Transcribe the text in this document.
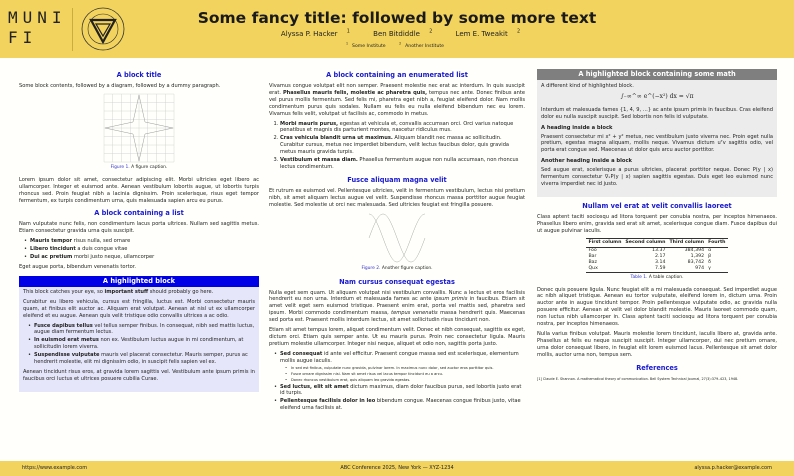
MUNI
FI
Some fancy title: followed by some more text
Alyssa P. Hacker $^1$	Ben Bitdiddle $^2$	Lem E. Tweakit $^2$
$^1$Some Institute $^2$Another Institute
A block title

Some block contents, followed by a diagram, followed by a dummy paragraph.

Figure 1. A figure caption.

Lorem ipsum dolor sit amet, consectetur adipiscing elit. Morbi ultricies eget libero ac ullamcorper. Integer et euismod ante. Aenean vestibulum lobortis augue, ut lobortis turpis rhoncus sed. Proin feugiat nibh a lacinia dignissim. Proin scelerisque, risus eget tempor fermentum, ex turpis condimentum urna, quis malesuada sapien arcu eu purus.

A block containing a list

Nam vulputate nunc felis, non condimentum lacus porta ultrices. Nullam sed sagittis metus. Etiam consectetur gravida urna quis suscipit.

• Mauris tempor risus nulla, sed ornare
• Libero tincidunt a duis congue vitae
• Dui ac pretium morbi justo neque, ullamcorper

Eget augue porta, bibendum venenatis tortor.

A highlighted block

This block catches your eye, so important stuff should probably go here.

Curabitur eu libero vehicula, cursus est fringilla, luctus est. Morbi consectetur mauris quam, at finibus elit auctor ac. Aliquam erat volutpat. Aenean at nisl ut ex ullamcorper eleifend et eu augue. Aenean quis velit tristique odio convallis ultrices a ac odio.

• Fusce dapibus tellus vel tellus semper finibus. In consequat, nibh sed mattis luctus, augue diam fermentum lectus.
• In euismod erat metus non ex. Vestibulum luctus augue in mi condimentum, at sollicitudin lorem viverra.
• Suspendisse vulputate mauris vel placerat consectetur. Mauris semper, purus ac hendrerit molestie, elit mi dignissim odio, in suscipit felis sapien vel ex.

Aenean tincidunt risus eros, at gravida lorem sagittis vel. Vestibulum ante ipsum primis in faucibus orci luctus et ultrices posuere cubilia Curae.

A block containing an enumerated list

Vivamus congue volutpat elit non semper. Praesent molestie nec erat ac interdum. In quis suscipit erat. Phasellus mauris felis, molestie ac pharetra quis, tempus nec ante. Donec finibus ante vel purus mollis fermentum. Sed felis mi, pharetra eget nibh a, feugiat eleifend dolor. Nam mollis condimentum purus quis sodales. Nullam eu felis eu nulla eleifend bibendum nec eu lorem. Vivamus felis velit, volutpat ut facilisis ac, commodo in metus.

1. Morbi mauris purus, egestas at vehicula et, convallis accumsan orci. Orci varius natoque penatibus et magnis dis parturient montes, nascetur ridiculus mus.
2. Cras vehicula blandit urna ut maximus. Aliquam blandit nec massa ac sollicitudin. Curabitur cursus, metus nec imperdiet bibendum, velit lectus faucibus dolor, quis gravida metus mauris gravida turpis.
3. Vestibulum et massa diam. Phasellus fermentum augue non nulla accumsan, non rhoncus lectus condimentum.
Fusce aliquam magna velit

Et rutrum ex euismod vel. Pellentesque ultricies, velit in fermentum vestibulum, lectus nisi pretium nibh, sit amet aliquam lectus augue vel velit. Suspendisse rhoncus massa porttitor augue feugiat molestie. Sed molestie ut orci nec malesuada. Sed ultricies feugiat est fringilla posuere.

Figure 2. Another figure caption.
Nam cursus consequat egestas

Nulla eget sem quam. Ut aliquam volutpat nisi vestibulum convallis. Nunc a lectus et eros facilisis hendrerit eu non urna. Interdum et malesuada fames ac ante ipsum primis in faucibus. Etiam sit amet velit eget sem euismod tristique. Praesent enim erat, porta vel mattis sed, pharetra sed ipsum. Morbi commodo condimentum massa, tempus venenatis massa hendrerit quis. Maecenas sed porta est. Praesent mollis interdum lectus, sit amet sollicitudin risus tincidunt non.

Etiam sit amet tempus lorem, aliquet condimentum velit. Donec et nibh consequat, sagittis ex eget, dictum orci. Etiam quis semper ante. Ut eu mauris purus. Proin nec consectetur ligula. Mauris pretium molestie ullamcorper. Integer nisi neque, aliquet et odio non, sagittis porta justo.

• Sed consequat id ante vel efficitur. Praesent congue massa sed est scelerisque, elementum mollis augue iaculis.
• In sed est finibus, vulputate nunc gravida, pulvinar lorem. In maximus nunc dolor, sed auctor eros porttitor quis.
• Fusce ornare dignissim nisi. Nam sit amet risus vel lacus tempor tincidunt eu a arcu.
• Donec rhoncus vestibulum erat, quis aliquam leo gravida egestas.
• Sed luctus, elit sit amet dictum maximus, diam dolor faucibus purus, sed lobortis justo erat id turpis.
• Pellentesque facilisis dolor in leo bibendum congue. Maecenas congue finibus justo, vitae eleifend urna facilisis at.
A highlighted block containing some math

A different kind of highlighted block.

∫₋∞^∞ e^(−x²) dx = √π

Interdum et malesuada fames {1, 4, 9, …} ac ante ipsum primis in faucibus. Cras eleifend dolor eu nulla suscipit suscipit. Sed lobortis non felis id vulputate.

A heading inside a block

Praesent consectetur mi x² + y² metus, nec vestibulum justo viverra nec. Proin eget nulla pretium, egestas magna aliquam, mollis neque. Vivamus dictum uᵀv sagittis odio, vel porta erat congue sed. Maecenas ut dolor quis arcu auctor porttitor.

Another heading inside a block

Sed augue erat, scelerisque a purus ultricies, placerat porttitor neque. Donec P(y | x) fermentum consectetur ∇ₓP(y | x) sapien sagittis egestas. Duis eget leo euismod nunc viverra imperdiet nec id justo.

Nullam vel erat at velit convallis laoreet

Class aptent taciti sociosqu ad litora torquent per conubia nostra, per inceptos himenaeos. Phasellus libero enim, gravida sed erat sit amet, scelerisque congue diam. Fusce dapibus dui ut augue pulvinar iaculis.

First column	Second column	Third column	Fourth
Foo	13.37	384,394	α
Bar	2.17	1,392	β
Baz	3.14	83,742	δ
Qux	7.59	974	γ
Table 1. A table caption.

Donec quis posuere ligula. Nunc feugiat elit a mi malesuada consequat. Sed imperdiet augue ac nibh aliquet tristique. Aenean eu tortor vulputate, eleifend lorem in, dictum urna. Proin auctor ante in augue tincidunt tempor. Proin pellentesque vulputate odio, ac gravida nulla posuere efficitur. Aenean at velit vel dolor blandit molestie. Mauris laoreet commodo quam, non luctus nibh ullamcorper in. Class aptent taciti sociosqu ad litora torquent per conubia nostra, per inceptos himenaeos.

Nulla varius finibus volutpat. Mauris molestie lorem tincidunt, iaculis libero at, gravida ante. Phasellus at felis eu neque suscipit suscipit. Integer ullamcorper, dui nec pretium ornare, urna dolor consequat libero, in feugiat elit lorem euismod lacus. Pellentesque sit amet dolor mollis, auctor urna non, tempus sem.

References
[1] Claude E. Shannon. A mathematical theory of communication. Bell System Technical Journal, 27(3):379–423, 1948.
ABC Conference 2025, New York — XYZ-1234
https://www.example.com	alyssa.p.hacker@example.com
